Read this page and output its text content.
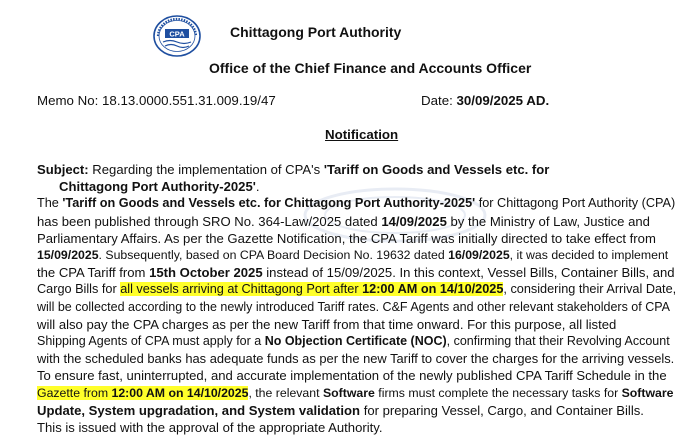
CPA	Chittagong Port Authority
Office of the Chief Finance and Accounts Officer
Memo No: 18.13.0000.551.31.009.19/47	Date: 30/09/2025 AD.
Notification
Subject: Regarding the implementation of CPA's 'Tariff on Goods and Vessels etc. for
Chittagong Port Authority-2025'.
The 'Tariff on Goods and Vessels etc. for Chittagong Port Authority-2025' for Chittagong Port Authority (CPA)
has been published through SRO No. 364-Law/2025 dated 14/09/2025 by the Ministry of Law, Justice and
Parliamentary Affairs. As per the Gazette Notification, the CPA Tariff was initially directed to take effect from
15/09/2025. Subsequently, based on CPA Board Decision No. 19632 dated 16/09/2025, it was decided to implement
the CPA Tariff from 15th October 2025 instead of 15/09/2025. In this context, Vessel Bills, Container Bills, and
Cargo Bills for all vessels arriving at Chittagong Port after 12:00 AM on 14/10/2025, considering their Arrival Date,
will be collected according to the newly introduced Tariff rates. C&F Agents and other relevant stakeholders of CPA
will also pay the CPA charges as per the new Tariff from that time onward. For this purpose, all listed
Shipping Agents of CPA must apply for a No Objection Certificate (NOC), confirming that their Revolving Account
with the scheduled banks has adequate funds as per the new Tariff to cover the charges for the arriving vessels.
To ensure fast, uninterrupted, and accurate implementation of the newly published CPA Tariff Schedule in the
Gazette from 12:00 AM on 14/10/2025, the relevant Software firms must complete the necessary tasks for Software
Update, System upgradation, and System validation for preparing Vessel, Cargo, and Container Bills.
This is issued with the approval of the appropriate Authority.
